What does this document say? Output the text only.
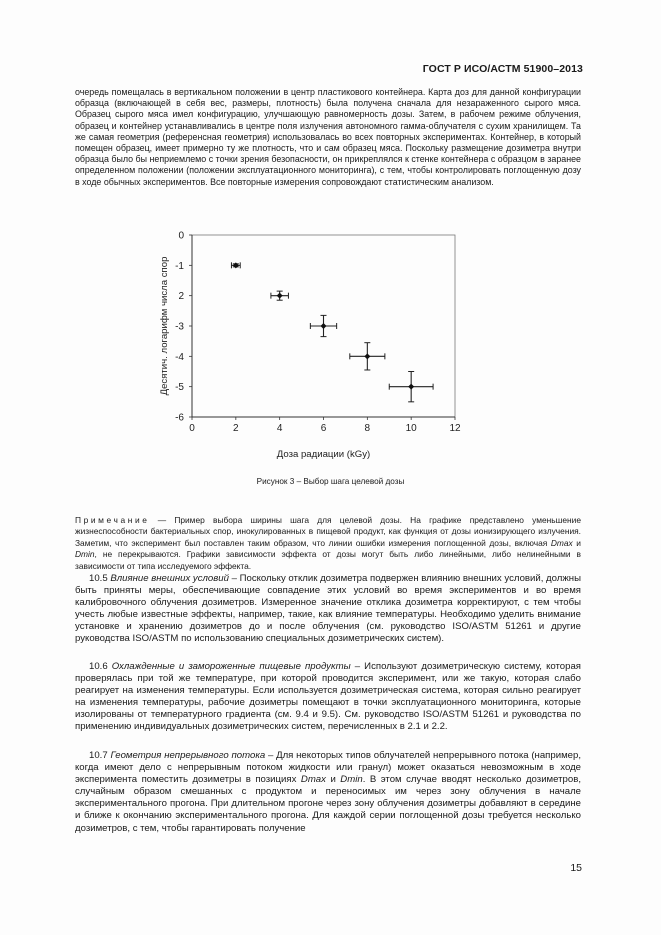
ГОСТ Р ИСО/АСТМ 51900–2013
очередь помещалась в вертикальном положении в центр пластикового контейнера. Карта доз для данной конфигурации образца (включающей в себя вес, размеры, плотность) была получена сначала для незараженного сырого мяса. Образец сырого мяса имел конфигурацию, улучшающую равномерность дозы. Затем, в рабочем режиме облучения, образец и контейнер устанавливались в центре поля излучения автономного гамма-облучателя с сухим хранилищем. Та же самая геометрия (референсная геометрия) использовалась во всех повторных экспериментах. Контейнер, в который помещен образец, имеет примерно ту же плотность, что и сам образец мяса. Поскольку размещение дозиметра внутри образца было бы неприемлемо с точки зрения безопасности, он прикреплялся к стенке контейнера с образцом в заранее определенном положении (положении эксплуатационного мониторинга), с тем, чтобы контролировать поглощенную дозу в ходе обычных экспериментов. Все повторные измерения сопровождают статистическим анализом.
0
-1
2
-3
-4
-5
-6
0	2	4	6	8	10	12
Доза радиации (kGy)
Десятич. логарифм числа спор
Рисунок 3 – Выбор шага целевой дозы
Примечание — Пример выбора ширины шага для целевой дозы. На графике представлено уменьшение жизнеспособности бактериальных спор, инокулированных в пищевой продукт, как функция от дозы ионизирующего излучения. Заметим, что эксперимент был поставлен таким образом, что линии ошибки измерения поглощенной дозы, включая Dmax и Dmin, не перекрываются. Графики зависимости эффекта от дозы могут быть либо линейными, либо нелинейными в зависимости от типа исследуемого эффекта.
10.5 Влияние внешних условий – Поскольку отклик дозиметра подвержен влиянию внешних условий, должны быть приняты меры, обеспечивающие совпадение этих условий во время экспериментов и во время калибровочного облучения дозиметров. Измеренное значение отклика дозиметра корректируют, с тем чтобы учесть любые известные эффекты, например, такие, как влияние температуры. Необходимо уделить внимание установке и хранению дозиметров до и после облучения (см. руководство ISO/ASTM 51261 и другие руководства ISO/ASTM по использованию специальных дозиметрических систем).
10.6 Охлажденные и замороженные пищевые продукты – Используют дозиметрическую систему, которая проверялась при той же температуре, при которой проводится эксперимент, или же такую, которая слабо реагирует на изменения температуры. Если используется дозиметрическая система, которая сильно реагирует на изменения температуры, рабочие дозиметры помещают в точки эксплуатационного мониторинга, которые изолированы от температурного градиента (см. 9.4 и 9.5). См. руководство ISO/ASTM 51261 и руководства по применению индивидуальных дозиметрических систем, перечисленных в 2.1 и 2.2.
10.7 Геометрия непрерывного потока – Для некоторых типов облучателей непрерывного потока (например, когда имеют дело с непрерывным потоком жидкости или гранул) может оказаться невозможным в ходе эксперимента поместить дозиметры в позициях Dmax и Dmin. В этом случае вводят несколько дозиметров, случайным образом смешанных с продуктом и переносимых им через зону облучения в начале экспериментального прогона. При длительном прогоне через зону облучения дозиметры добавляют в середине и ближе к окончанию экспериментального прогона. Для каждой серии поглощенной дозы требуется несколько дозиметров, с тем, чтобы гарантировать получение
15
